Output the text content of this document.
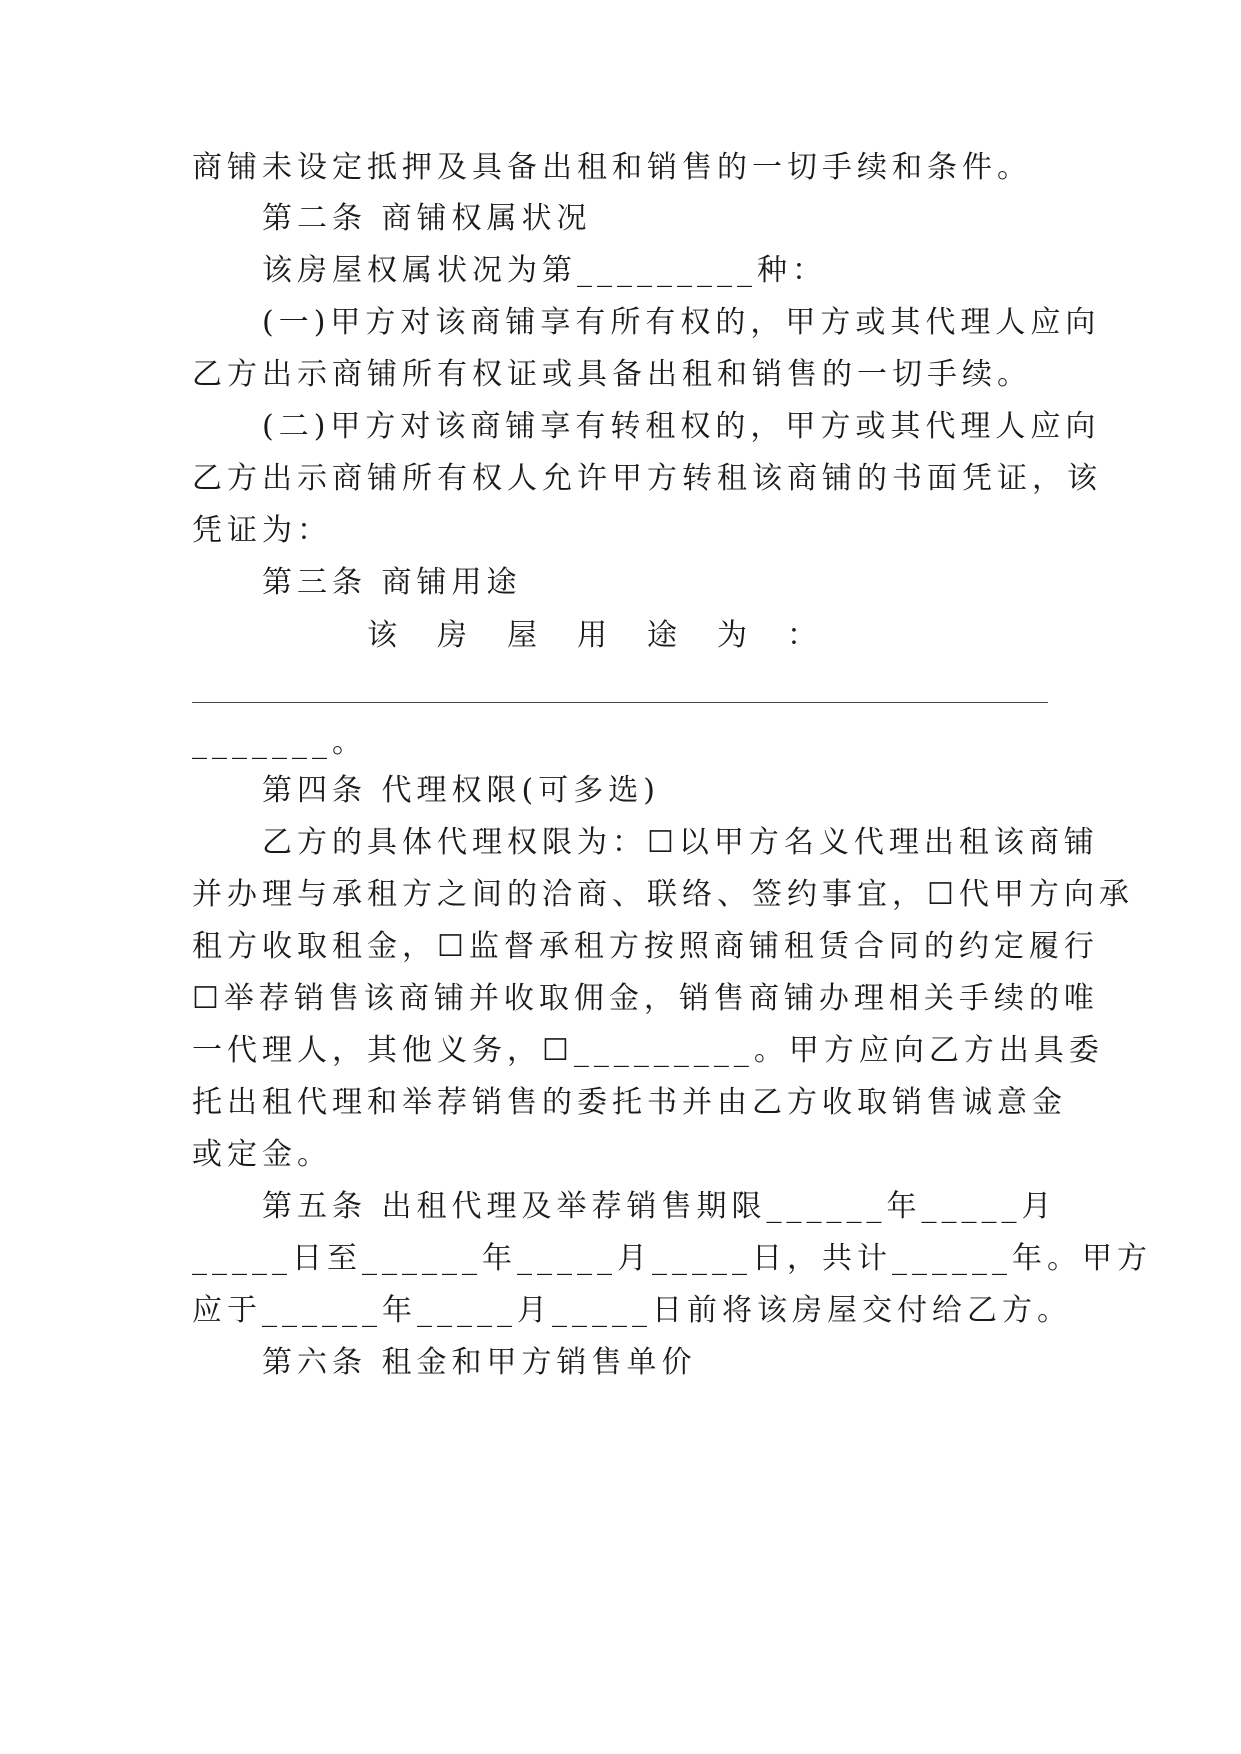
商铺未设定抵押及具备出租和销售的一切手续和条件。
　　第二条 商铺权属状况
　　该房屋权属状况为第_________种：
　　(一)甲方对该商铺享有所有权的，甲方或其代理人应向
乙方出示商铺所有权证或具备出租和销售的一切手续。
　　(二)甲方对该商铺享有转租权的，甲方或其代理人应向
乙方出示商铺所有权人允许甲方转租该商铺的书面凭证，该
凭证为：
　　第三条 商铺用途
　　　　　该　房　屋　用　途　为　：
_______。
　　第四条 代理权限(可多选)
　　乙方的具体代理权限为：☐以甲方名义代理出租该商铺
并办理与承租方之间的洽商、联络、签约事宜，☐代甲方向承
租方收取租金，☐监督承租方按照商铺租赁合同的约定履行
☐举荐销售该商铺并收取佣金，销售商铺办理相关手续的唯
一代理人，其他义务，☐_________。甲方应向乙方出具委
托出租代理和举荐销售的委托书并由乙方收取销售诚意金
或定金。
　　第五条 出租代理及举荐销售期限______年_____月
_____日至______年_____月_____日，共计______年。甲方
应于______年_____月_____日前将该房屋交付给乙方。
　　第六条 租金和甲方销售单价
